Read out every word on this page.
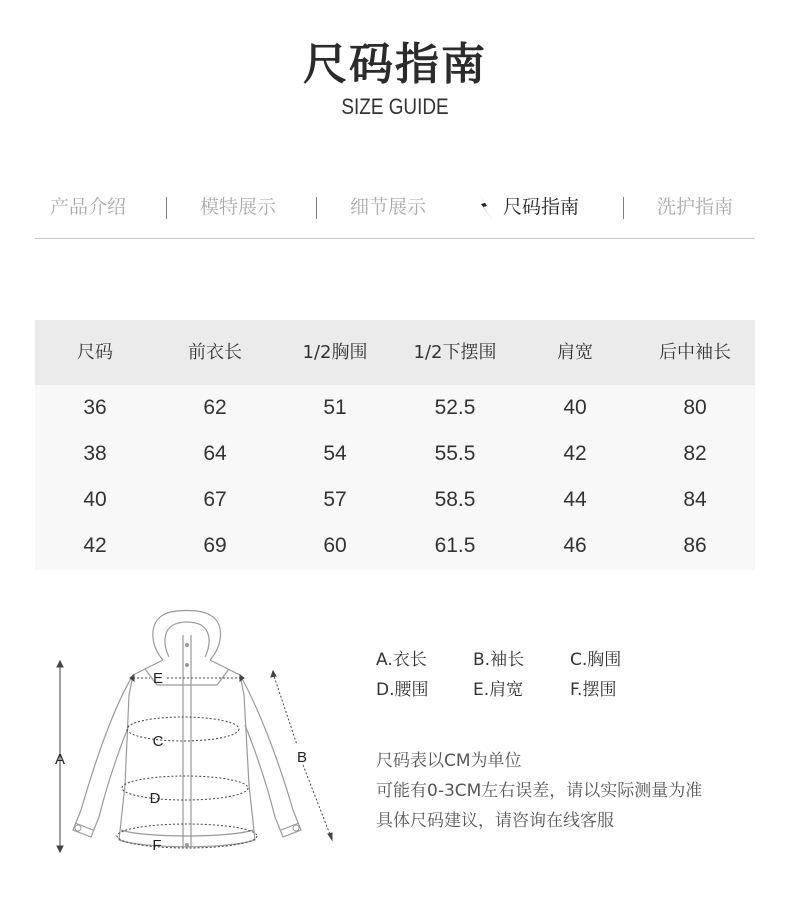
尺码指南
SIZE GUIDE
产品介绍	模特展示	细节展示	尺码指南	洗护指南
尺码	前衣长	1/2胸围	1/2下摆围	肩宽	后中袖长
36	62	51	52.5	40	80
38	64	54	55.5	42	82
40	67	57	58.5	44	84
42	69	60	61.5	46	86
A	B
C
D
E
F
A.衣长	B.袖长	C.胸围
D.腰围	E.肩宽	F.摆围
尺码表以CM为单位
可能有0-3CM左右误差，请以实际测量为准
具体尺码建议，请咨询在线客服
